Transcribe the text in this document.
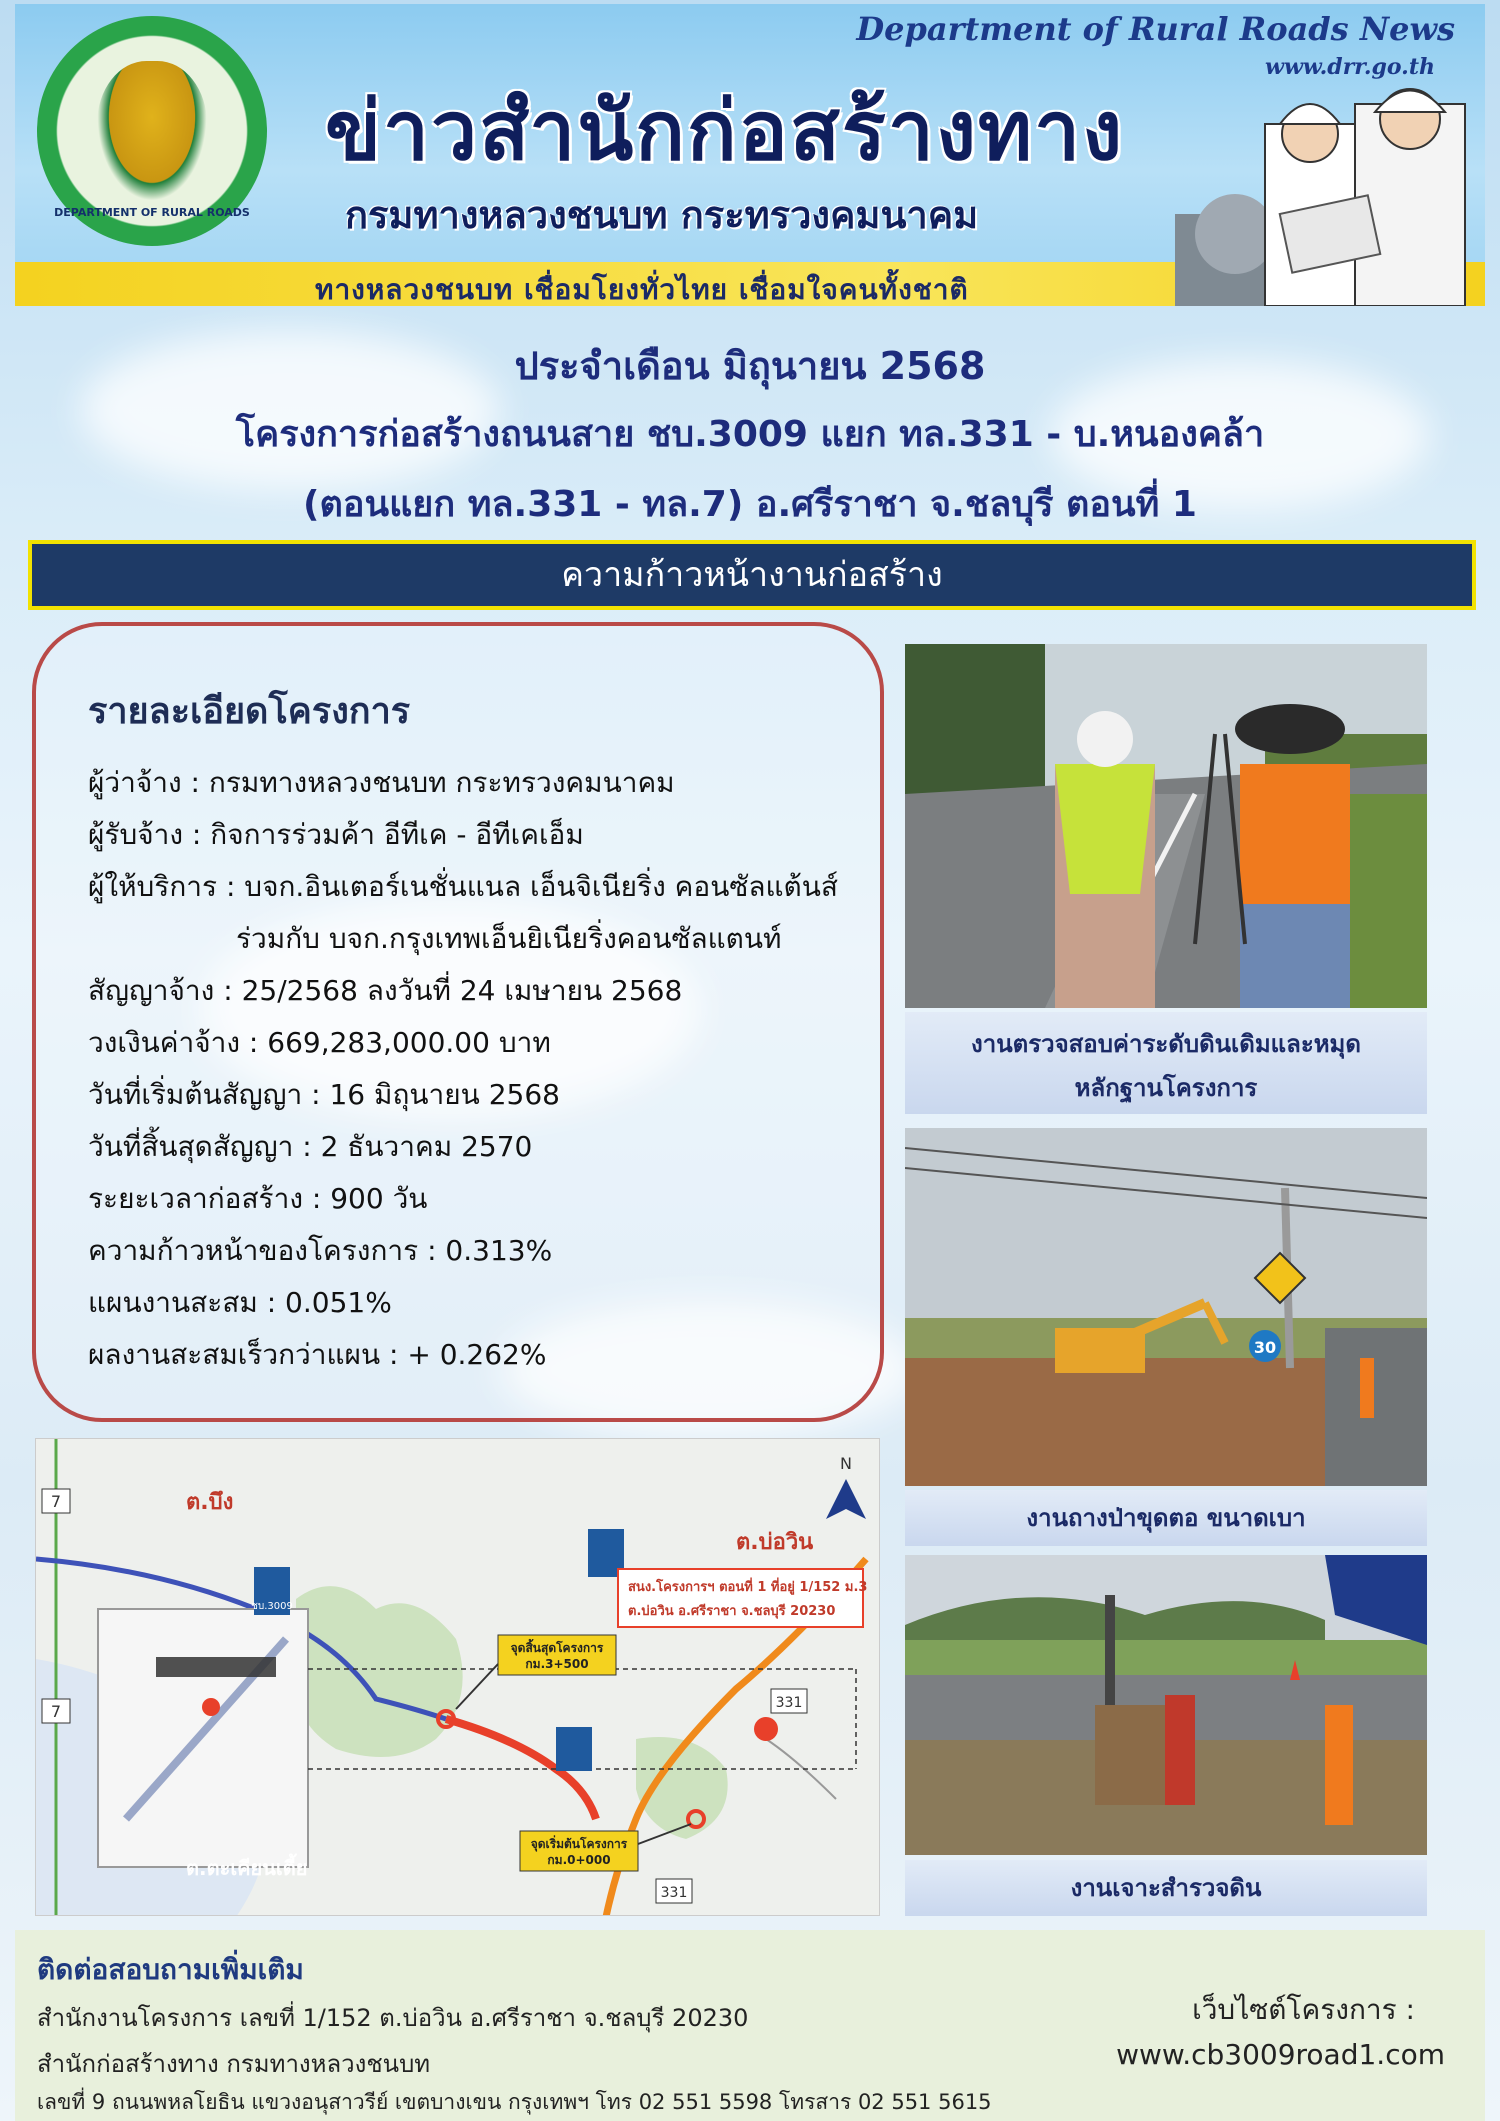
DEPARTMENT OF RURAL ROADS
Department of Rural Roads News
www.drr.go.th
ข่าวสำนักก่อสร้างทาง
กรมทางหลวงชนบท กระทรวงคมนาคม
ทางหลวงชนบท เชื่อมโยงทั่วไทย เชื่อมใจคนทั้งชาติ
ประจำเดือน มิถุนายน 2568
โครงการก่อสร้างถนนสาย ชบ.3009 แยก ทล.331 - บ.หนองคล้า
(ตอนแยก ทล.331 - ทล.7) อ.ศรีราชา จ.ชลบุรี ตอนที่ 1
ความก้าวหน้างานก่อสร้าง
รายละเอียดโครงการ
ผู้ว่าจ้าง : กรมทางหลวงชนบท กระทรวงคมนาคม
ผู้รับจ้าง : กิจการร่วมค้า อีทีเค - อีทีเคเอ็ม
ผู้ให้บริการ : บจก.อินเตอร์เนชั่นแนล เอ็นจิเนียริ่ง คอนซัลแต้นส์
ร่วมกับ บจก.กรุงเทพเอ็นยิเนียริ่งคอนซัลแตนท์
สัญญาจ้าง : 25/2568 ลงวันที่ 24 เมษายน 2568
วงเงินค่าจ้าง : 669,283,000.00 บาท
วันที่เริ่มต้นสัญญา : 16 มิถุนายน 2568
วันที่สิ้นสุดสัญญา : 2 ธันวาคม 2570
ระยะเวลาก่อสร้าง : 900 วัน
ความก้าวหน้าของโครงการ : 0.313%
แผนงานสะสม : 0.051%
ผลงานสะสมเร็วกว่าแผน : + 0.262%
งานตรวจสอบค่าระดับดินเดิมและหมุด
หลักฐานโครงการ
30
งานถางป่าขุดตอ ขนาดเบา
งานเจาะสำรวจดิน
N
ต.บึง
ต.บ่อวิน
ต.ตะเคียนเตี้ย
7
7	331
331
ชบ.3009
สนง.โครงการฯ ตอนที่ 1 ที่อยู่ 1/152 ม.3
ต.บ่อวิน อ.ศรีราชา จ.ชลบุรี 20230
จุดสิ้นสุดโครงการ
กม.3+500
จุดเริ่มต้นโครงการ
กม.0+000
ติดต่อสอบถามเพิ่มเติม
สำนักงานโครงการ เลขที่ 1/152 ต.บ่อวิน อ.ศรีราชา จ.ชลบุรี 20230
สำนักก่อสร้างทาง กรมทางหลวงชนบท
เลขที่ 9 ถนนพหลโยธิน แขวงอนุสาวรีย์ เขตบางเขน กรุงเทพฯ โทร 02 551 5598 โทรสาร 02 551 5615
เว็บไซต์โครงการ :
www.cb3009road1.com
